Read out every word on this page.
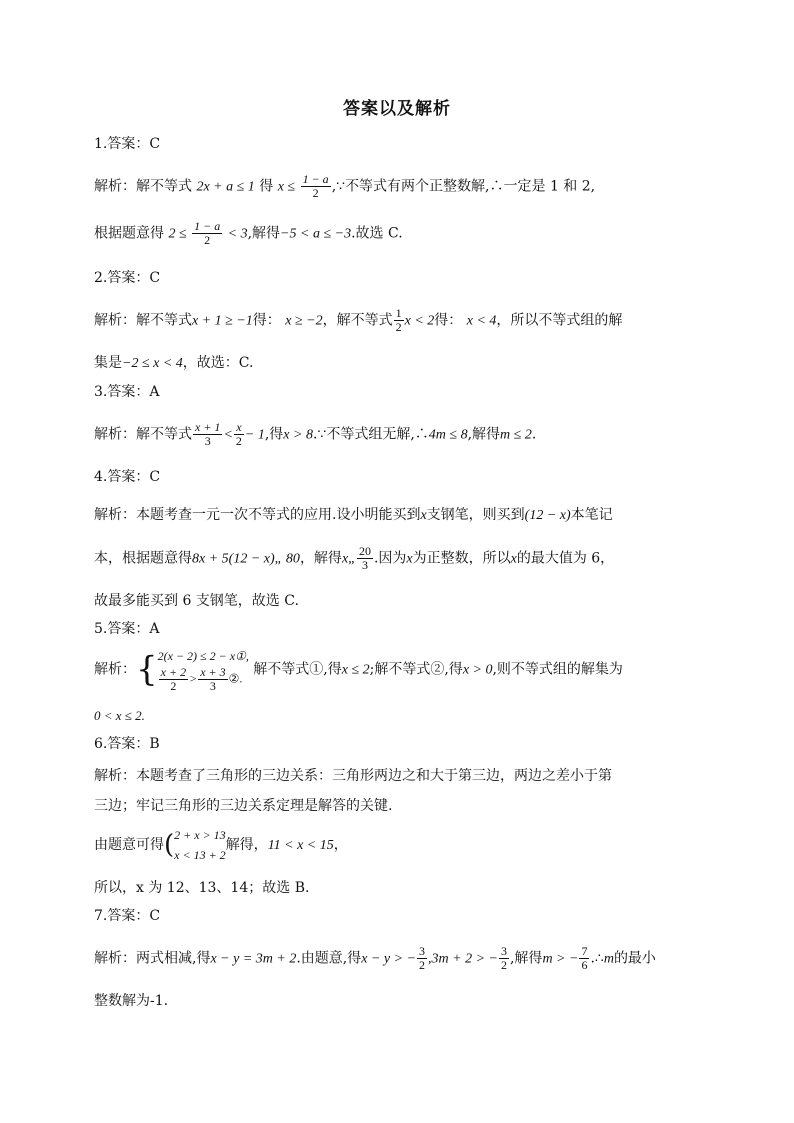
答案以及解析
1.答案：C
解析：解不等式 2x + a ≤ 1 得 $x \le \frac{1 - a}{2}$ ,∵不等式有两个正整数解,∴一定是 1 和 2,
根据题意得 $2 \le \frac{1 - a}{2} < 3$,解得−5 < a ≤ −3.故选 C.
2.答案：C
解析：解不等式x + 1 ≥ −1得： x ≥ −2，解不等式 $\frac{1}{2}$ x < 2得： x < 4，所以不等式组的解
集是−2 ≤ x < 4，故选：C.
3.答案：A
解析：解不等式 $\frac{x + 1}{3} < \frac{x}{2} - 1$,得x > 8.∵不等式组无解,∴4m ≤ 8,解得m ≤ 2.
4.答案：C
解析：本题考查一元一次不等式的应用.设小明能买到x支钢笔，则买到(12 − x)本笔记
本，根据题意得8x + 5(12 − x)„ 80，解得x„ $\frac{20}{3}$ .因为x为正整数，所以x的最大值为 6，
故最多能买到 6 支钢笔，故选 C.
5.答案：A
解析：{ 2(x − 2) ≤ 2 − x①,
$\frac{x + 2}{2} > \frac{x + 3}{3}$ ②.
解不等式①,得x ≤ 2;解不等式②,得x > 0,则不等式组的解集为
0 < x ≤ 2.
6.答案：B
解析：本题考查了三角形的三边关系：三角形两边之和大于第三边，两边之差小于第
三边；牢记三角形的三边关系定理是解答的关键.
由题意可得( 2 + x > 13
x < 13 + 2
解得，11 < x < 15，
所以，x 为 12、13、14；故选 B.
7.答案：C
解析：两式相减,得x − y = 3m + 2.由题意,得x − y > − $\frac{3}{2} ,3m + 2$ > − $\frac{3}{2}$ ,解得m > − $\frac{7}{6}$ .∴m的最小
整数解为-1.
